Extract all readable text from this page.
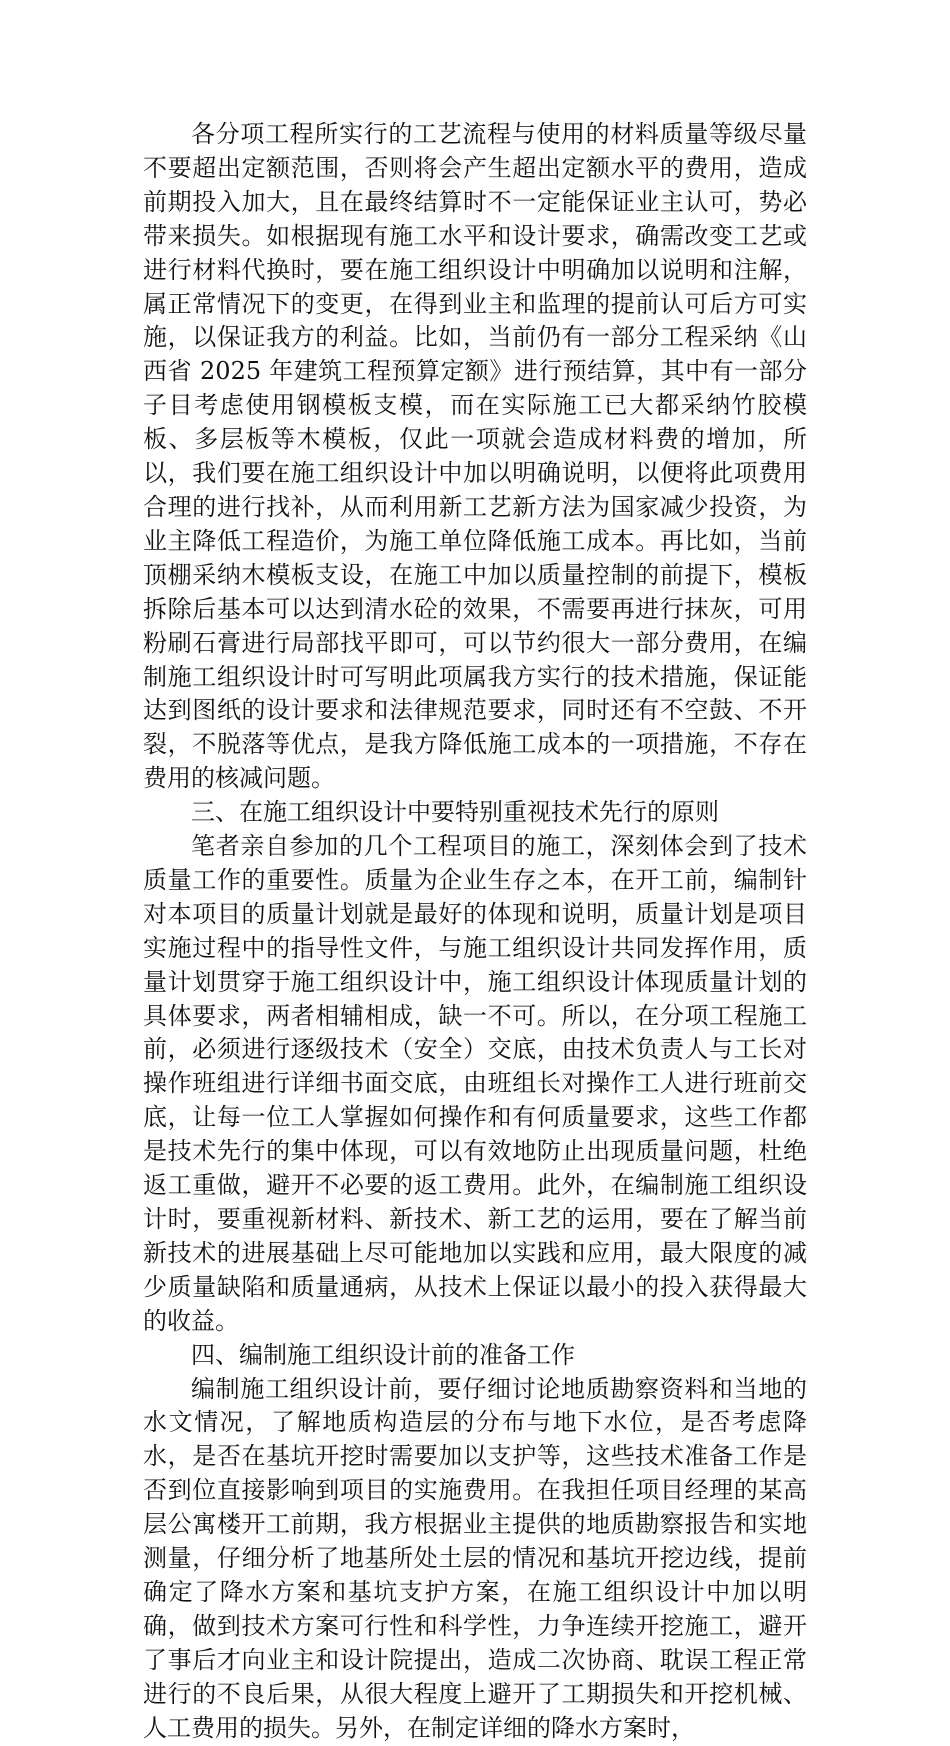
各分项工程所实行的工艺流程与使用的材料质量等级尽量不要超出定额范围，否则将会产生超出定额水平的费用，造成前期投入加大，且在最终结算时不一定能保证业主认可，势必带来损失。如根据现有施工水平和设计要求，确需改变工艺或进行材料代换时，要在施工组织设计中明确加以说明和注解，属正常情况下的变更，在得到业主和监理的提前认可后方可实施，以保证我方的利益。比如，当前仍有一部分工程采纳《山西省 2025 年建筑工程预算定额》进行预结算，其中有一部分子目考虑使用钢模板支模，而在实际施工已大都采纳竹胶模板、多层板等木模板，仅此一项就会造成材料费的增加，所以，我们要在施工组织设计中加以明确说明，以便将此项费用合理的进行找补，从而利用新工艺新方法为国家减少投资，为业主降低工程造价，为施工单位降低施工成本。再比如，当前顶棚采纳木模板支设，在施工中加以质量控制的前提下，模板拆除后基本可以达到清水砼的效果，不需要再进行抹灰，可用粉刷石膏进行局部找平即可，可以节约很大一部分费用，在编制施工组织设计时可写明此项属我方实行的技术措施，保证能达到图纸的设计要求和法律规范要求，同时还有不空鼓、不开裂，不脱落等优点，是我方降低施工成本的一项措施，不存在费用的核减问题。

三、在施工组织设计中要特别重视技术先行的原则

笔者亲自参加的几个工程项目的施工，深刻体会到了技术质量工作的重要性。质量为企业生存之本，在开工前，编制针对本项目的质量计划就是最好的体现和说明，质量计划是项目实施过程中的指导性文件，与施工组织设计共同发挥作用，质量计划贯穿于施工组织设计中，施工组织设计体现质量计划的具体要求，两者相辅相成，缺一不可。所以，在分项工程施工前，必须进行逐级技术（安全）交底，由技术负责人与工长对操作班组进行详细书面交底，由班组长对操作工人进行班前交底，让每一位工人掌握如何操作和有何质量要求，这些工作都是技术先行的集中体现，可以有效地防止出现质量问题，杜绝返工重做，避开不必要的返工费用。此外，在编制施工组织设计时，要重视新材料、新技术、新工艺的运用，要在了解当前新技术的进展基础上尽可能地加以实践和应用，最大限度的减少质量缺陷和质量通病，从技术上保证以最小的投入获得最大的收益。

四、编制施工组织设计前的准备工作

编制施工组织设计前，要仔细讨论地质勘察资料和当地的水文情况，了解地质构造层的分布与地下水位，是否考虑降水，是否在基坑开挖时需要加以支护等，这些技术准备工作是否到位直接影响到项目的实施费用。在我担任项目经理的某高层公寓楼开工前期，我方根据业主提供的地质勘察报告和实地测量，仔细分析了地基所处土层的情况和基坑开挖边线，提前确定了降水方案和基坑支护方案，在施工组织设计中加以明确，做到技术方案可行性和科学性，力争连续开挖施工，避开了事后才向业主和设计院提出，造成二次协商、耽误工程正常进行的不良后果，从很大程度上避开了工期损失和开挖机械、人工费用的损失。另外，在制定详细的降水方案时，
